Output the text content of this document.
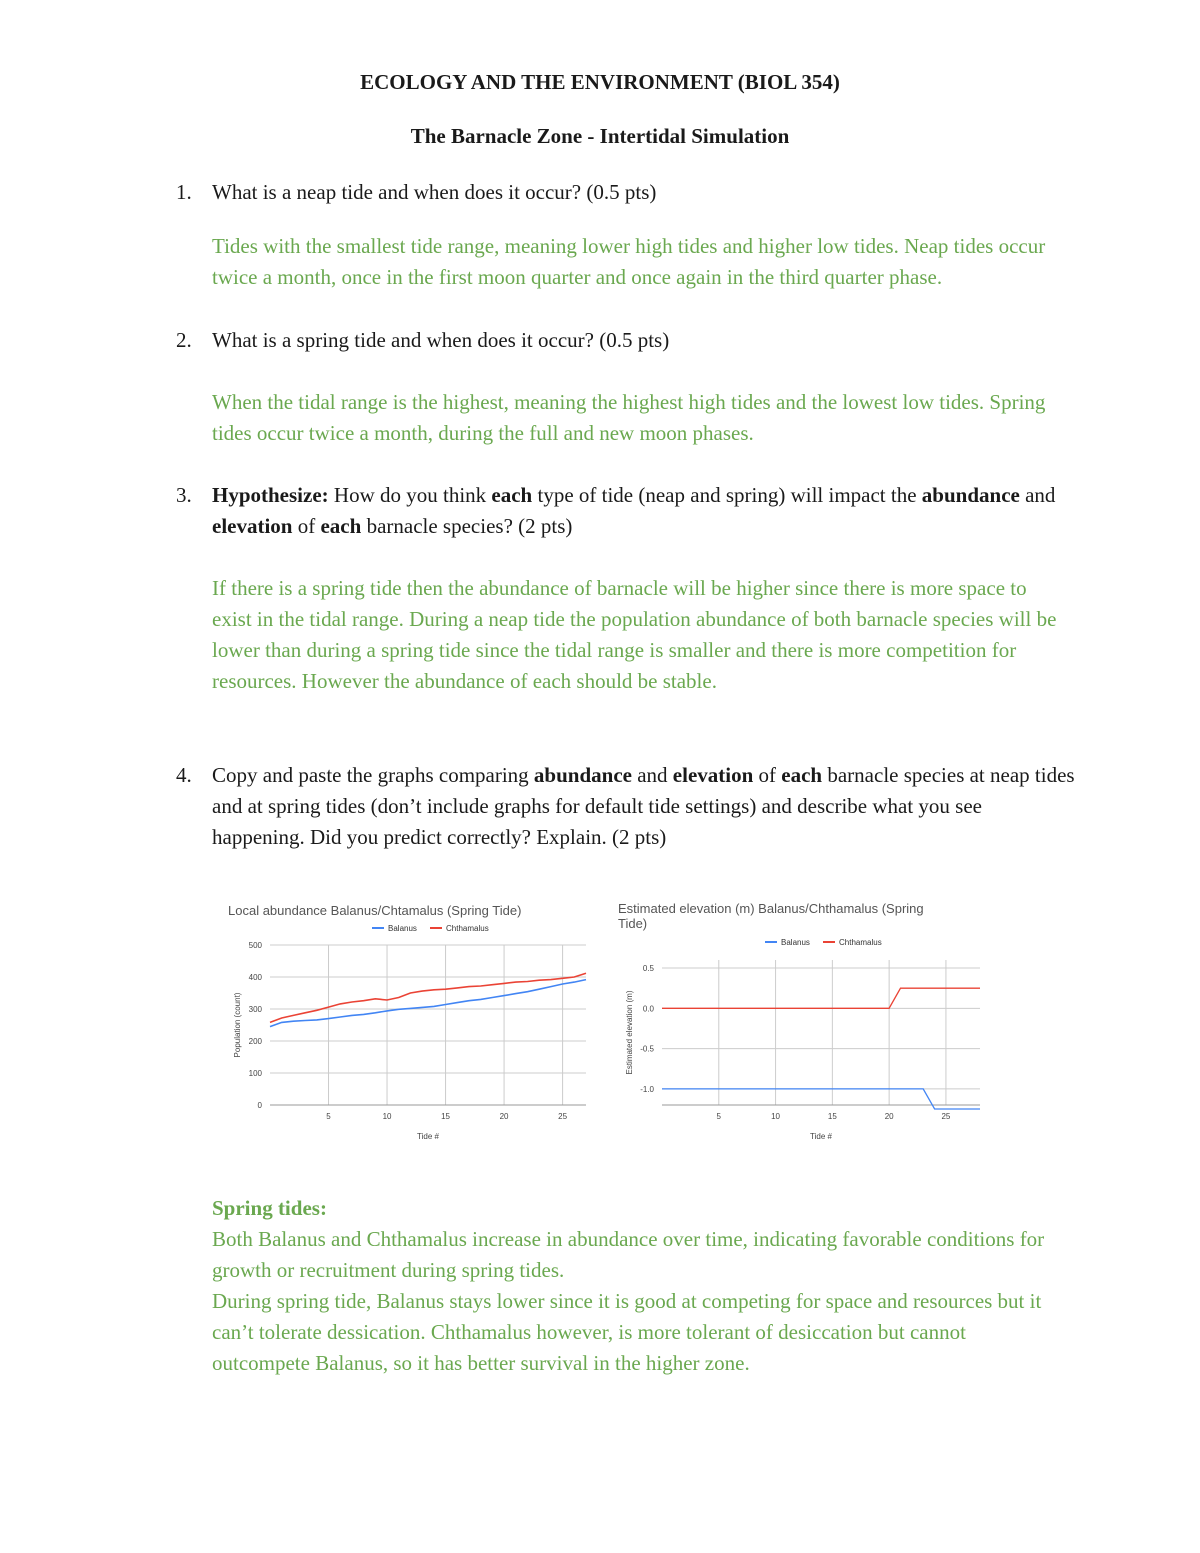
ECOLOGY AND THE ENVIRONMENT (BIOL 354)
The Barnacle Zone - Intertidal Simulation
1. What is a neap tide and when does it occur? (0.5 pts)
Tides with the smallest tide range, meaning lower high tides and higher low tides. Neap tides occur twice a month, once in the first moon quarter and once again in the third quarter phase.
2. What is a spring tide and when does it occur? (0.5 pts)
When the tidal range is the highest, meaning the highest high tides and the lowest low tides. Spring tides occur twice a month, during the full and new moon phases.
3. Hypothesize: How do you think each type of tide (neap and spring) will impact the abundance and elevation of each barnacle species? (2 pts)
If there is a spring tide then the abundance of barnacle will be higher since there is more space to exist in the tidal range. During a neap tide the population abundance of both barnacle species will be lower than during a spring tide since the tidal range is smaller and there is more competition for resources. However the abundance of each should be stable.
4. Copy and paste the graphs comparing abundance and elevation of each barnacle species at neap tides and at spring tides (don’t include graphs for default tide settings) and describe what you see happening. Did you predict correctly? Explain. (2 pts)
Local abundance Balanus/Chtamalus (Spring Tide)
Balanus	Chthamalus
0
100
200
300
400
500
5	10	15	20	25
Tide #
Population (count)
Estimated elevation (m) Balanus/Chthamalus (Spring
Tide)
Balanus	Chthamalus
0.5
0.0
-0.5
-1.0
5	10	15	20	25
Tide #
Estimated elevation (m)

Spring tides:

Both Balanus and Chthamalus increase in abundance over time, indicating favorable conditions for growth or recruitment during spring tides.

During spring tide, Balanus stays lower since it is good at competing for space and resources but it can’t tolerate dessication. Chthamalus however, is more tolerant of desiccation but cannot outcompete Balanus, so it has better survival in the higher zone.
